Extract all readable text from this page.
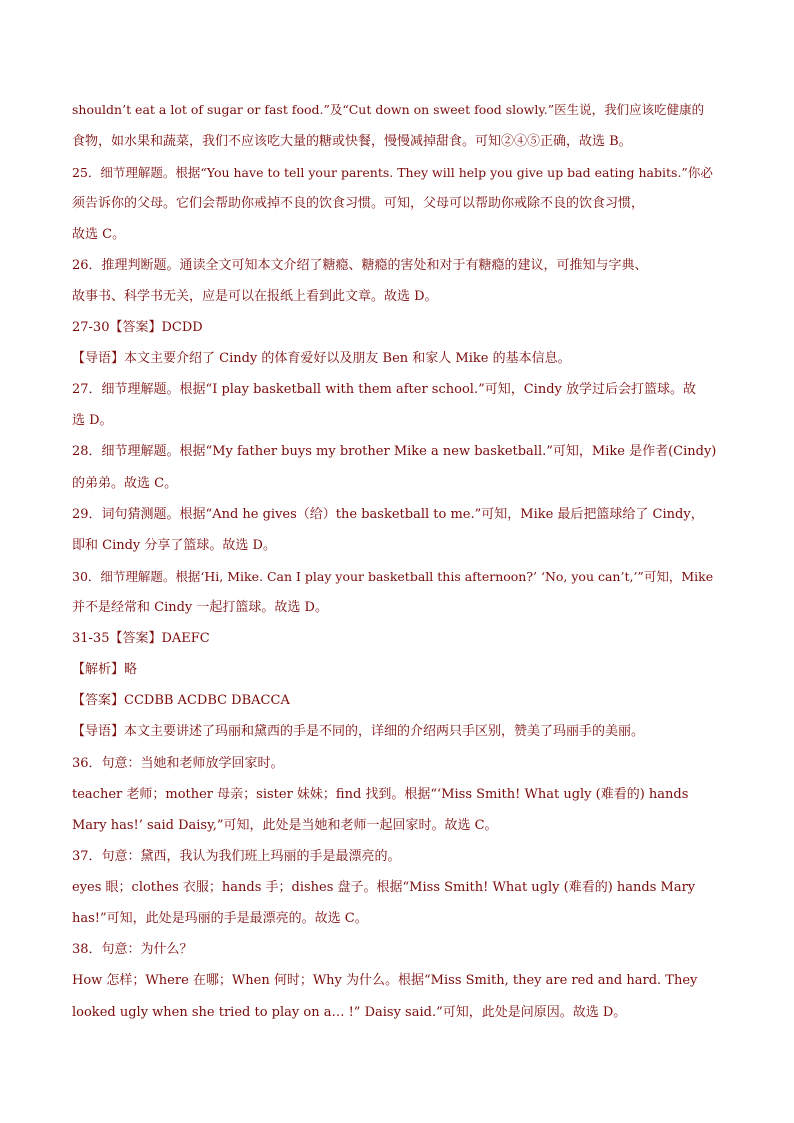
shouldn’t eat a lot of sugar or fast food.”及“Cut down on sweet food slowly.”医生说，我们应该吃健康的
食物，如水果和蔬菜，我们不应该吃大量的糖或快餐，慢慢减掉甜食。可知②④⑤正确，故选 B。
25．细节理解题。根据“You have to tell your parents. They will help you give up bad eating habits.”你必
须告诉你的父母。它们会帮助你戒掉不良的饮食习惯。可知，父母可以帮助你戒除不良的饮食习惯，
故选 C。
26．推理判断题。通读全文可知本文介绍了糖瘾、糖瘾的害处和对于有糖瘾的建议，可推知与字典、
故事书、科学书无关，应是可以在报纸上看到此文章。故选 D。
27-30【答案】DCDD
【导语】本文主要介绍了 Cindy 的体育爱好以及朋友 Ben 和家人 Mike 的基本信息。
27．细节理解题。根据“I play basketball with them after school.”可知，Cindy 放学过后会打篮球。故
选 D。
28．细节理解题。根据“My father buys my brother Mike a new basketball.”可知，Mike 是作者(Cindy)
的弟弟。故选 C。
29．词句猜测题。根据“And he gives（给）the basketball to me.”可知，Mike 最后把篮球给了 Cindy，
即和 Cindy 分享了篮球。故选 D。
30．细节理解题。根据‘Hi, Mike. Can I play your basketball this afternoon?’ ‘No, you can’t,’”可知，Mike
并不是经常和 Cindy 一起打篮球。故选 D。
31-35【答案】DAEFC
【解析】略
【答案】CCDBB ACDBC DBACCA
【导语】本文主要讲述了玛丽和黛西的手是不同的，详细的介绍两只手区别，赞美了玛丽手的美丽。
36．句意：当她和老师放学回家时。
teacher 老师；mother 母亲；sister 妹妹；find 找到。根据“‘Miss Smith! What ugly (难看的) hands
Mary has!’ said Daisy,”可知，此处是当她和老师一起回家时。故选 C。
37．句意：黛西，我认为我们班上玛丽的手是最漂亮的。
eyes 眼；clothes 衣服；hands 手；dishes 盘子。根据“Miss Smith! What ugly (难看的) hands Mary
has!”可知，此处是玛丽的手是最漂亮的。故选 C。
38．句意：为什么？
How 怎样；Where 在哪；When 何时；Why 为什么。根据“Miss Smith, they are red and hard. They
looked ugly when she tried to play on a… !” Daisy said.”可知，此处是问原因。故选 D。
